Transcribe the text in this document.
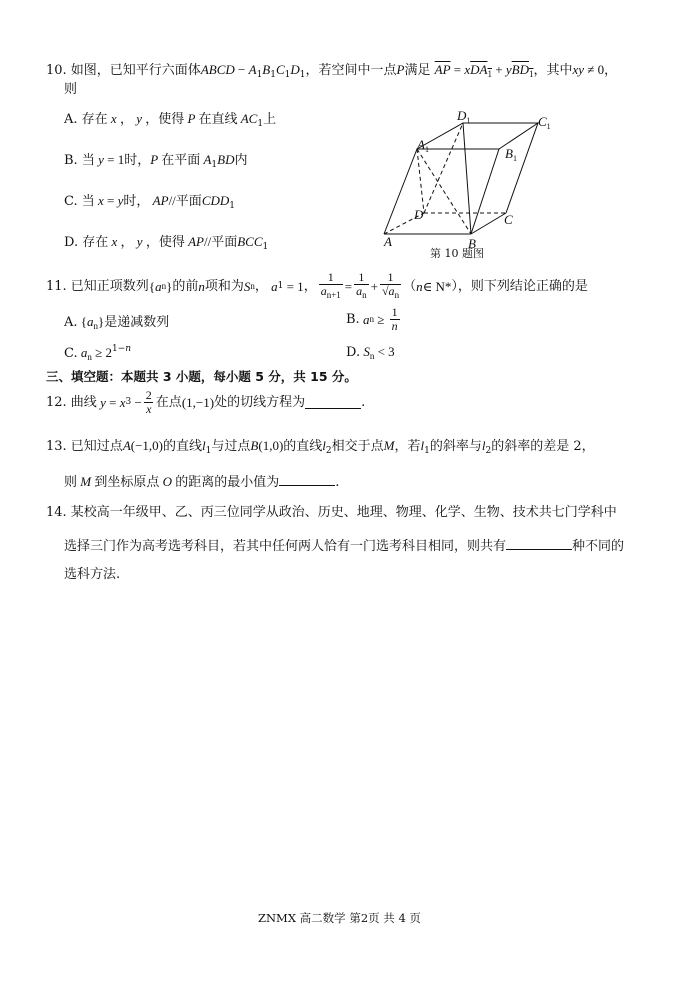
10. 如图，已知平行六面体ABCD − $A_1B_1C_1D_1$，若空间中一点P满足 $\overline{AP} = xDA_1 + yBD_1$，其中xy ≠ 0，
则
A. 存在 x ， y ，使得 P 在直线 $AC_1$上
B. 当 y = 1时，P 在平面 $A_1BD$内
C. 当 x = y时， AP//平面$CDD_1$
D. 存在 x ， y ，使得 AP//平面$BCC_1$
$D_1$	$C_1$
$A_1$	$B_1$
D	C
A	B
第 10 题图
11. 已知正项数列 { a n } 的前 n 项和为 S n ， a 1 = 1 ， $\frac{1}{a_{n+1}} = \frac{1}{a_n} + \frac{1}{√a_n}$ （ n ∈ N* ），则下列结论正确的是
A. $\{a_n\}$是递减数列	B. a $n \ge \frac{1}{n}$
C. $a_n \ge 2^{1-n}$	D. $S_n < 3$
三、填空题：本题共 3 小题，每小题 5 分，共 15 分。
12. 曲线 y = x $3 - \frac{2}{x}$ 在点 (1,−1) 处的切线方程为	.
13. 已知过点A(−1,0)的直线$l_1$与过点B(1,0)的直线$l_2$相交于点M，若$l_1$的斜率与$l_2$的斜率的差是 2，
则 M 到坐标原点 O 的距离的最小值为	.
14. 某校高一年级甲、乙、丙三位同学从政治、历史、地理、物理、化学、生物、技术共七门学科中
选择三门作为高考选考科目，若其中任何两人恰有一门选考科目相同，则共有	种不同的
选科方法.
ZNMX 高二数学 第2页 共 4 页
